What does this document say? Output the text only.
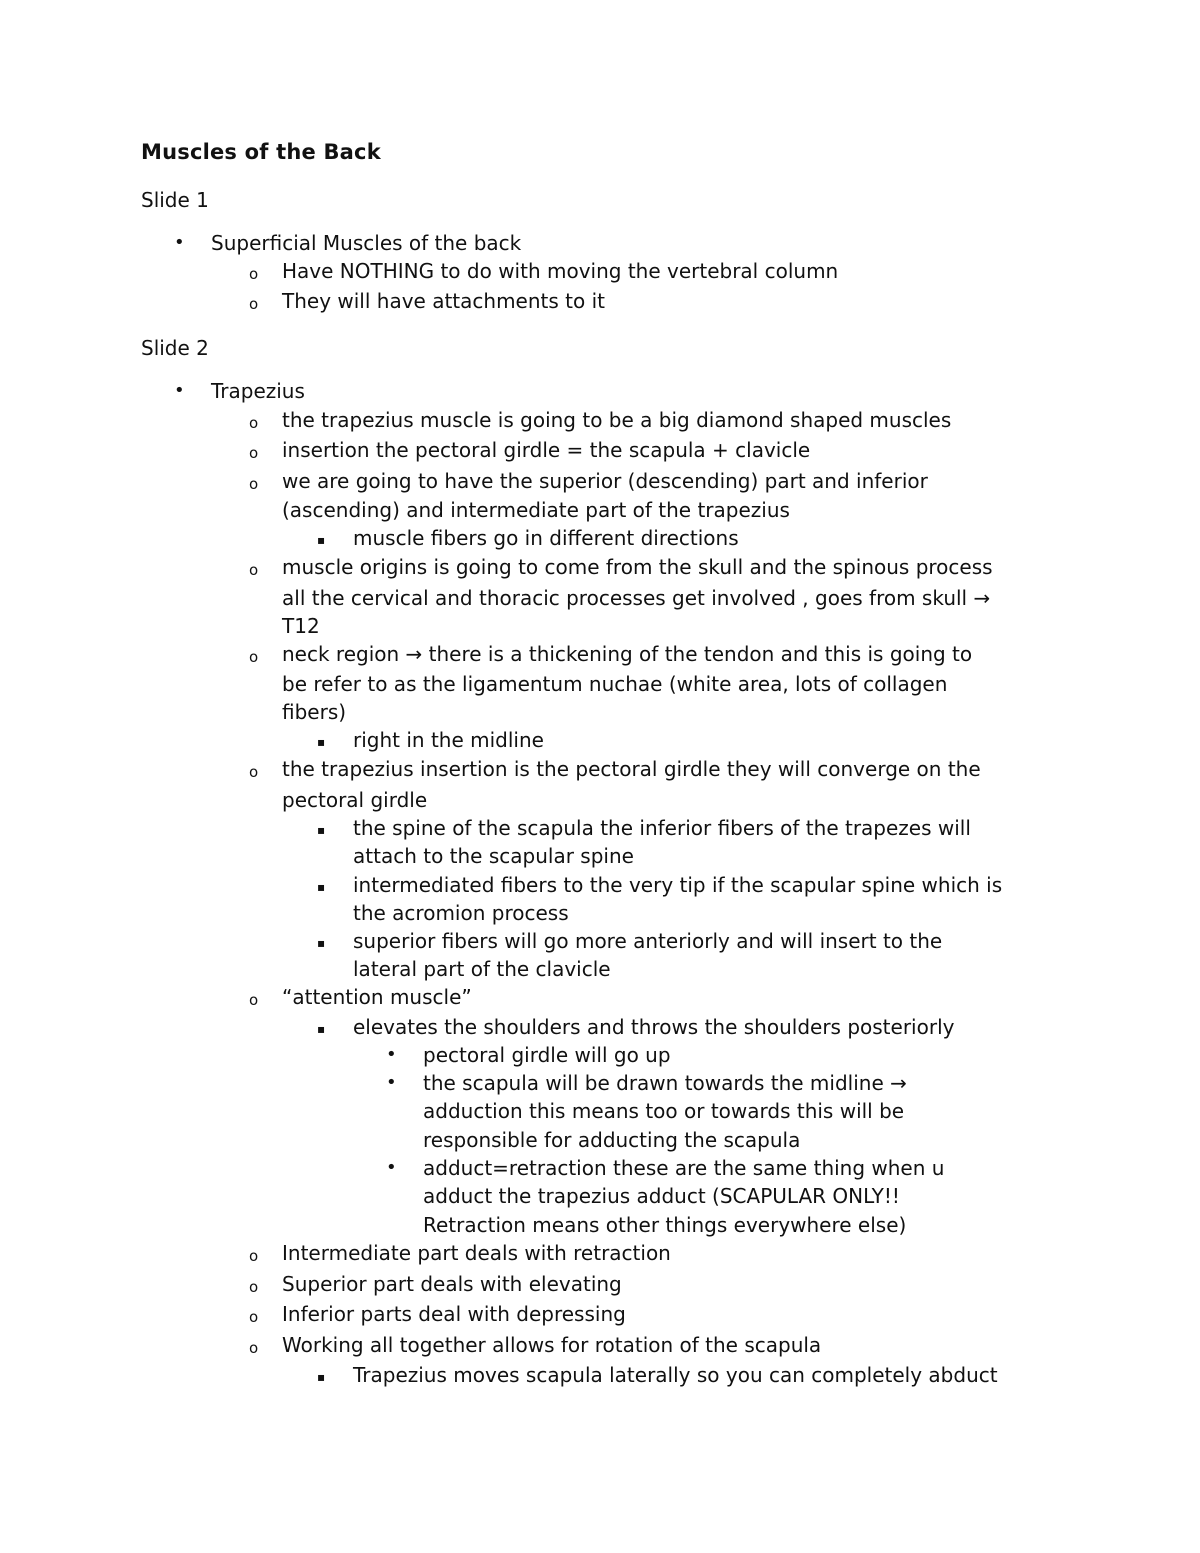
Muscles of the Back
Slide 1
• Superficial Muscles of the back
o Have NOTHING to do with moving the vertebral column
o They will have attachments to it
Slide 2
• Trapezius
o the trapezius muscle is going to be a big diamond shaped muscles
o insertion the pectoral girdle = the scapula + clavicle
o we are going to have the superior (descending) part and inferior
(ascending) and intermediate part of the trapezius
▪ muscle fibers go in different directions
o muscle origins is going to come from the skull and the spinous process
all the cervical and thoracic processes get involved , goes from skull →
T12
o neck region → there is a thickening of the tendon and this is going to
be refer to as the ligamentum nuchae (white area, lots of collagen
fibers)
▪ right in the midline
o the trapezius insertion is the pectoral girdle they will converge on the
pectoral girdle
▪ the spine of the scapula the inferior fibers of the trapezes will
attach to the scapular spine
▪ intermediated fibers to the very tip if the scapular spine which is
the acromion process
▪ superior fibers will go more anteriorly and will insert to the
lateral part of the clavicle
o “attention muscle”
▪ elevates the shoulders and throws the shoulders posteriorly
• pectoral girdle will go up
• the scapula will be drawn towards the midline →
adduction this means too or towards this will be
responsible for adducting the scapula
• adduct=retraction these are the same thing when u
adduct the trapezius adduct (SCAPULAR ONLY!!
Retraction means other things everywhere else)
o Intermediate part deals with retraction
o Superior part deals with elevating
o Inferior parts deal with depressing
o Working all together allows for rotation of the scapula
▪ Trapezius moves scapula laterally so you can completely abduct
